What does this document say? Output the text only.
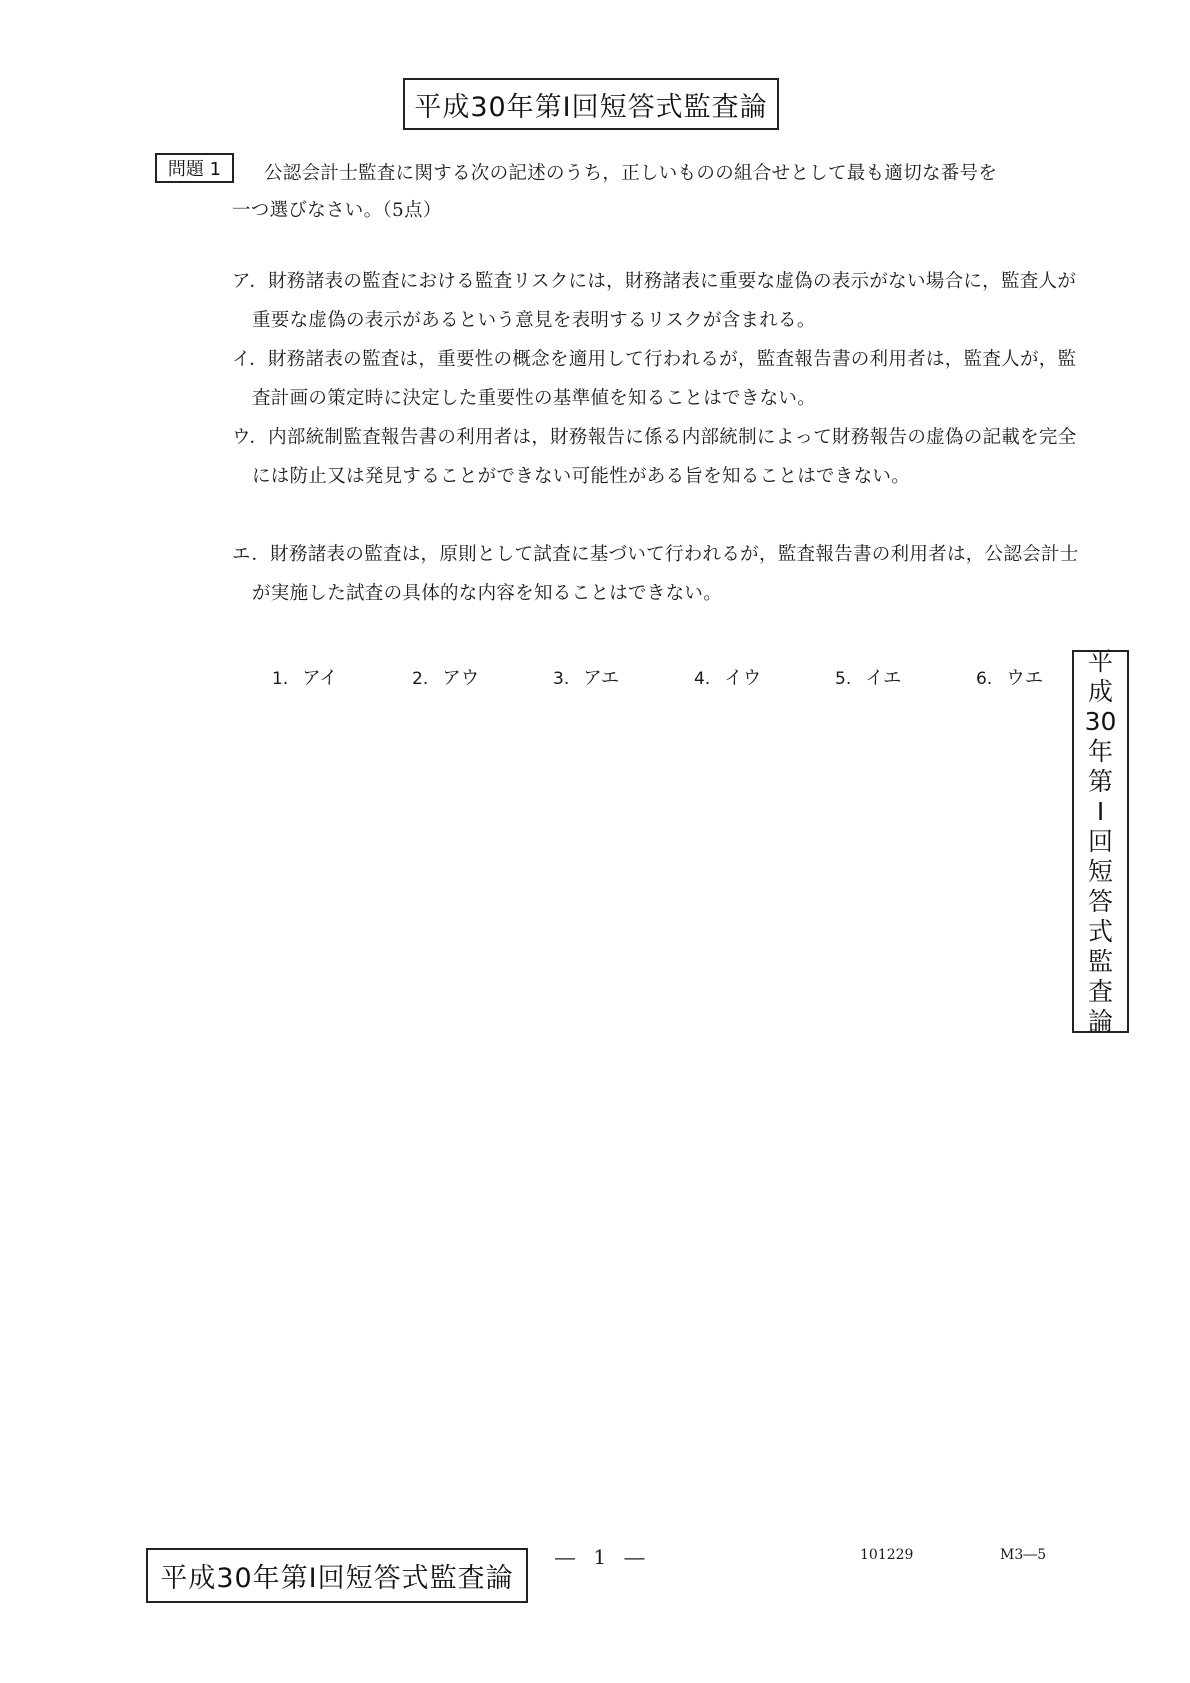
平成30年第Ⅰ回短答式監査論
問題 1	公認会計士監査に関する次の記述のうち，正しいものの組合せとして最も適切な番号を
一つ選びなさい。（5点）
ア．財務諸表の監査における監査リスクには，財務諸表に重要な虚偽の表示がない場合に，監査人が重要な虚偽の表示があるという意見を表明するリスクが含まれる。
イ．財務諸表の監査は，重要性の概念を適用して行われるが，監査報告書の利用者は，監査人が，監査計画の策定時に決定した重要性の基準値を知ることはできない。
ウ．内部統制監査報告書の利用者は，財務報告に係る内部統制によって財務報告の虚偽の記載を完全には防止又は発見することができない可能性がある旨を知ることはできない。
エ．財務諸表の監査は，原則として試査に基づいて行われるが，監査報告書の利用者は，公認会計士が実施した試査の具体的な内容を知ることはできない。
1. アイ	2. アウ	3. アエ	4. イウ	5. イエ	6. ウエ
平
成
30
年
第
Ⅰ
回
短
答
式
監
査
論
平成30年第Ⅰ回短答式監査論
― 1 ―	101229	M3―5
